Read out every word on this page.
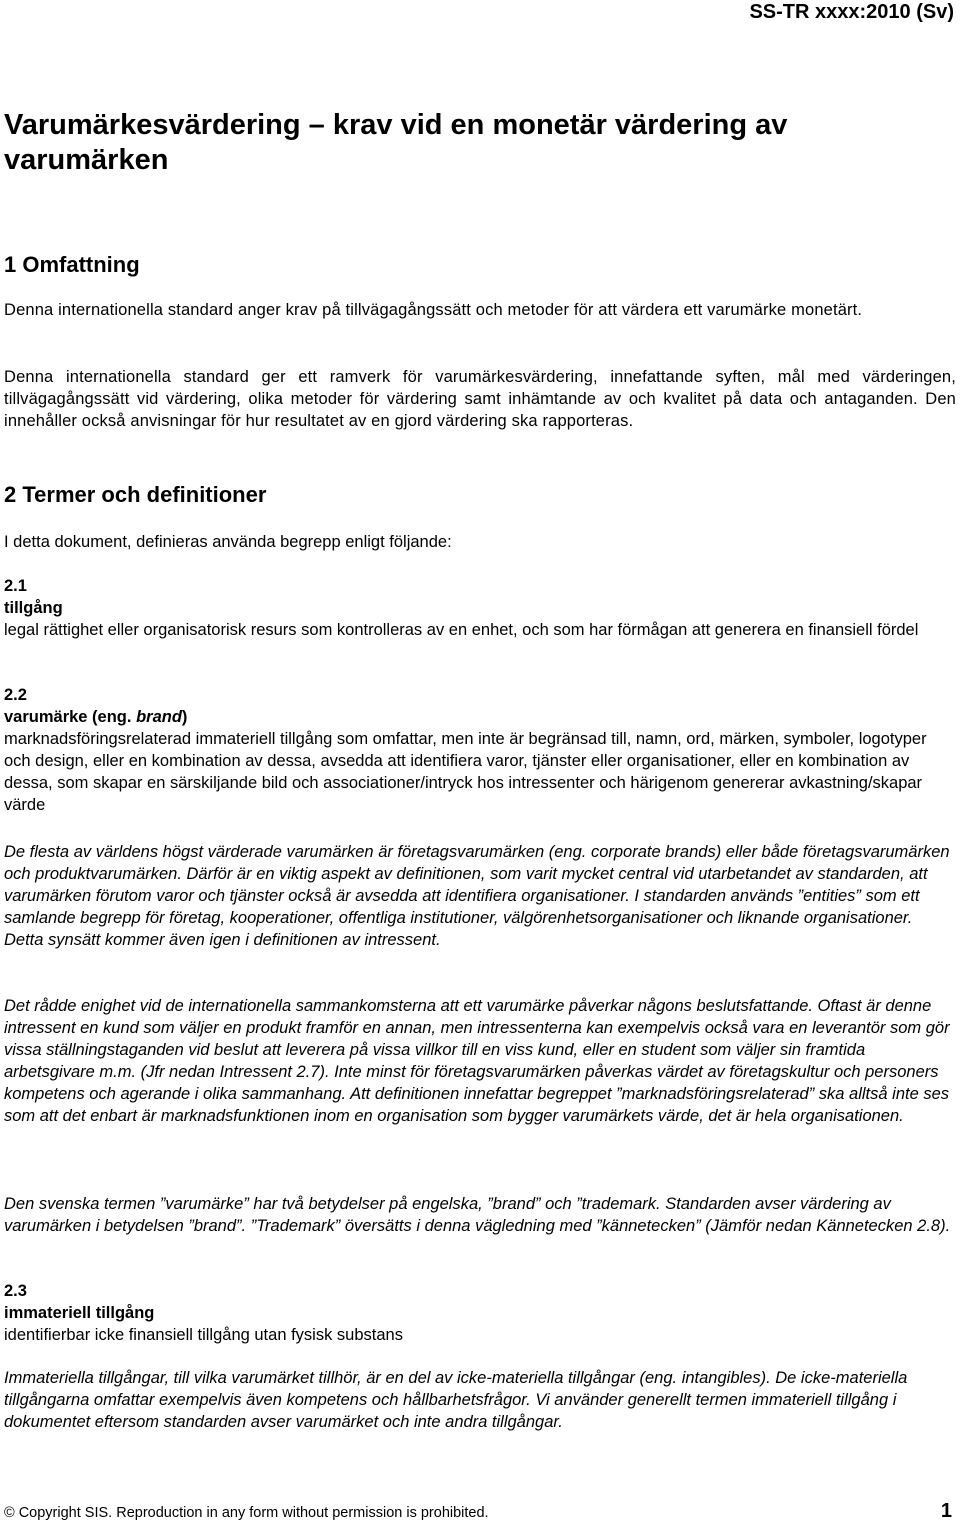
SS-TR xxxx:2010 (Sv)
Varumärkesvärdering – krav vid en monetär värdering av varumärken
1 Omfattning

Denna internationella standard anger krav på tillvägagångssätt och metoder för att värdera ett varumärke monetärt.

Denna internationella standard ger ett ramverk för varumärkesvärdering, innefattande syften, mål med värderingen, tillvägagångssätt vid värdering, olika metoder för värdering samt inhämtande av och kvalitet på data och antaganden. Den innehåller också anvisningar för hur resultatet av en gjord värdering ska rapporteras.

2 Termer och definitioner

I detta dokument, definieras använda begrepp enligt följande:

2.1
tillgång

legal rättighet eller organisatorisk resurs som kontrolleras av en enhet, och som har förmågan att generera en finansiell fördel

2.2
varumärke (eng. brand)

marknadsföringsrelaterad immateriell tillgång som omfattar, men inte är begränsad till, namn, ord, märken, symboler, logotyper och design, eller en kombination av dessa, avsedda att identifiera varor, tjänster eller organisationer, eller en kombination av dessa, som skapar en särskiljande bild och associationer/intryck hos intressenter och härigenom genererar avkastning/skapar värde

De flesta av världens högst värderade varumärken är företagsvarumärken (eng. corporate brands) eller både företagsvarumärken och produktvarumärken. Därför är en viktig aspekt av definitionen, som varit mycket central vid utarbetandet av standarden, att varumärken förutom varor och tjänster också är avsedda att identifiera organisationer. I standarden används ”entities” som ett samlande begrepp för företag, kooperationer, offentliga institutioner, välgörenhetsorganisationer och liknande organisationer. Detta synsätt kommer även igen i definitionen av intressent.

Det rådde enighet vid de internationella sammankomsterna att ett varumärke påverkar någons beslutsfattande. Oftast är denne intressent en kund som väljer en produkt framför en annan, men intressenterna kan exempelvis också vara en leverantör som gör vissa ställningstaganden vid beslut att leverera på vissa villkor till en viss kund, eller en student som väljer sin framtida arbetsgivare m.m. (Jfr nedan Intressent 2.7). Inte minst för företagsvarumärken påverkas värdet av företagskultur och personers kompetens och agerande i olika sammanhang. Att definitionen innefattar begreppet ”marknadsföringsrelaterad” ska alltså inte ses som att det enbart är marknadsfunktionen inom en organisation som bygger varumärkets värde, det är hela organisationen.

Den svenska termen ”varumärke” har två betydelser på engelska, ”brand” och ”trademark. Standarden avser värdering av varumärken i betydelsen ”brand”. ”Trademark” översätts i denna vägledning med ”kännetecken” (Jämför nedan Kännetecken 2.8).

2.3
immateriell tillgång

identifierbar icke finansiell tillgång utan fysisk substans

Immateriella tillgångar, till vilka varumärket tillhör, är en del av icke-materiella tillgångar (eng. intangibles). De icke-materiella tillgångarna omfattar exempelvis även kompetens och hållbarhetsfrågor. Vi använder generellt termen immateriell tillgång i dokumentet eftersom standarden avser varumärket och inte andra tillgångar.

© Copyright SIS. Reproduction in any form without permission is prohibited.	1
